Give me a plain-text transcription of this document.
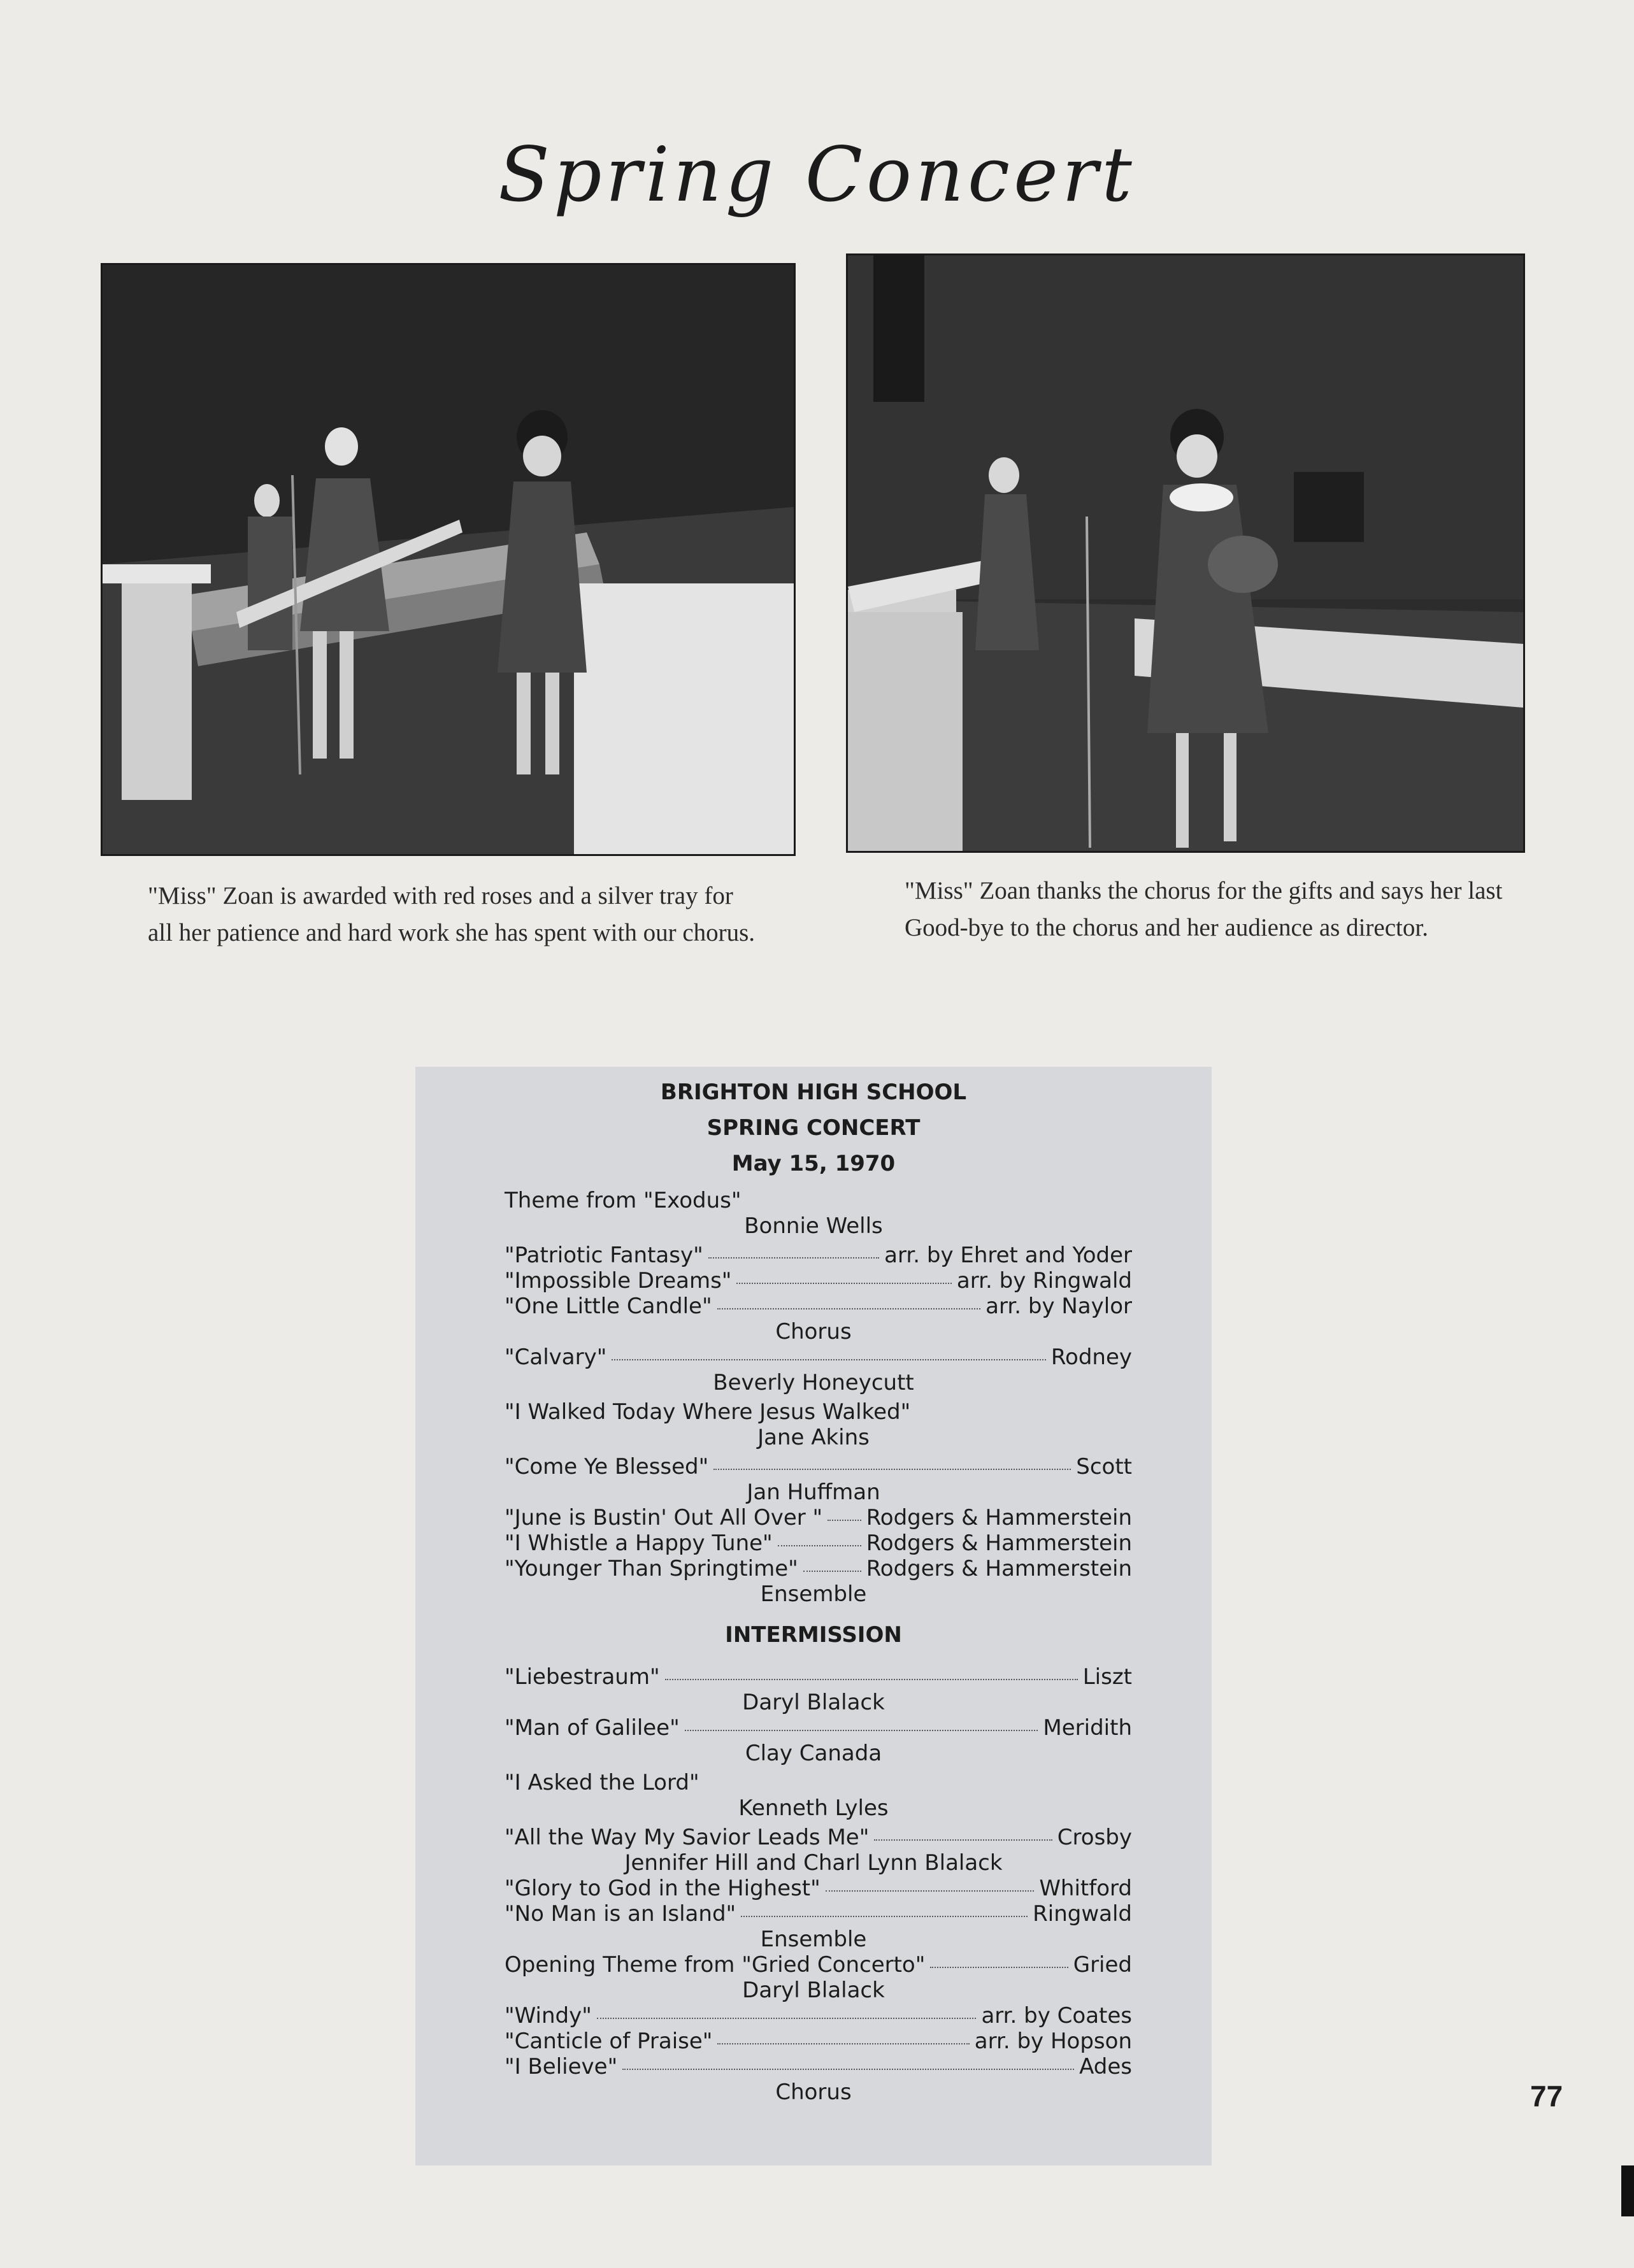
Spring Concert
"Miss" Zoan is awarded with red roses and a silver tray for all her patience and hard work she has spent with our chorus.
"Miss" Zoan thanks the chorus for the gifts and says her last Good-bye to the chorus and her audience as director.
BRIGHTON HIGH SCHOOL
SPRING CONCERT
May 15, 1970
Theme from "Exodus"
Bonnie Wells
"Patriotic Fantasy"	arr. by Ehret and Yoder
"Impossible Dreams"	arr. by Ringwald
"One Little Candle"	arr. by Naylor
Chorus
"Calvary"	Rodney
Beverly Honeycutt
"I Walked Today Where Jesus Walked"
Jane Akins
"Come Ye Blessed"	Scott
Jan Huffman
"June is Bustin' Out All Over " Rodgers & Hammerstein
"I Whistle a Happy Tune"	Rodgers & Hammerstein
"Younger Than Springtime"	Rodgers & Hammerstein
Ensemble
INTERMISSION
"Liebestraum"	Liszt
Daryl Blalack
"Man of Galilee"	Meridith
Clay Canada
"I Asked the Lord"
Kenneth Lyles
"All the Way My Savior Leads Me"	Crosby
Jennifer Hill and Charl Lynn Blalack
"Glory to God in the Highest"	Whitford
"No Man is an Island"	Ringwald
Ensemble
Opening Theme from "Gried Concerto"	Gried
Daryl Blalack
"Windy"	arr. by Coates
"Canticle of Praise"	arr. by Hopson
"I Believe"	Ades
Chorus	77
